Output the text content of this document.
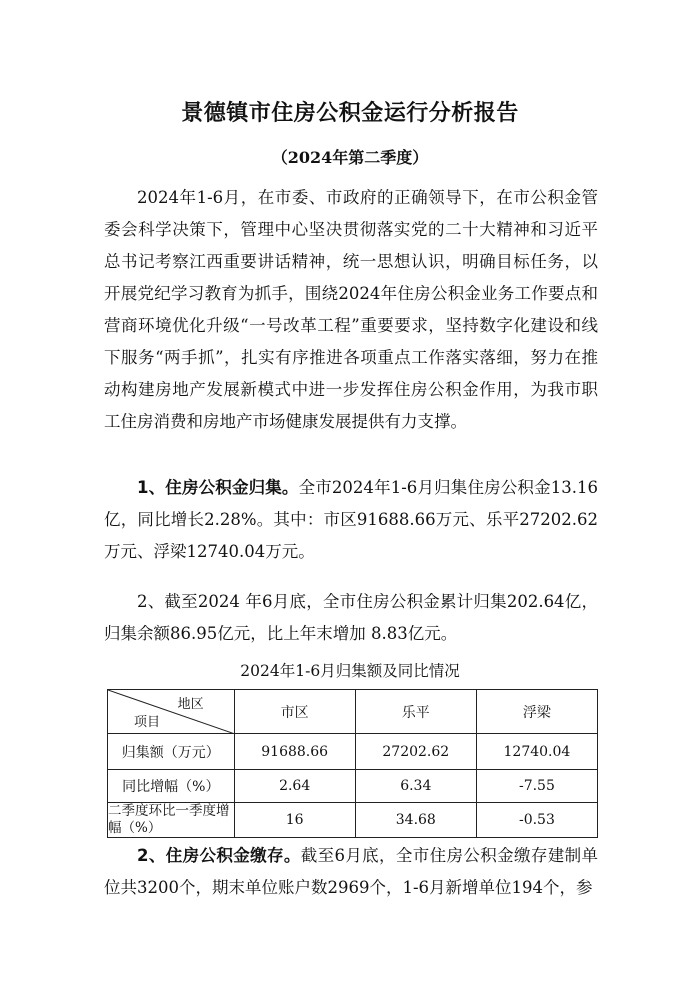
景德镇市住房公积金运行分析报告
（2024年第二季度）

2024年1-6月，在市委、市政府的正确领导下，在市公积金管委会科学决策下，管理中心坚决贯彻落实党的二十大精神和习近平总书记考察江西重要讲话精神，统一思想认识，明确目标任务，以开展党纪学习教育为抓手，围绕2024年住房公积金业务工作要点和营商环境优化升级“一号改革工程”重要要求，坚持数字化建设和线下服务“两手抓”，扎实有序推进各项重点工作落实落细，努力在推动构建房地产发展新模式中进一步发挥住房公积金作用，为我市职工住房消费和房地产市场健康发展提供有力支撑。

1、住房公积金归集。全市2024年1-6月归集住房公积金13.16亿，同比增长2.28%。其中：市区91688.66万元、乐平27202.62万元、浮梁12740.04万元。

2、截至2024 年6月底，全市住房公积金累计归集202.64亿，归集余额86.95亿元，比上年末增加 8.83亿元。

2024年1-6月归集额及同比情况
地区
项目	市区	乐平	浮梁
归集额（万元）	91688.66	27202.62	12740.04
同比增幅（%）	2.64	6.34	-7.55

二季度环比一季度增幅（%）	16	34.68	-0.53

2、住房公积金缴存。截至6月底，全市住房公积金缴存建制单位共3200个，期末单位账户数2969个，1-6月新增单位194个，参
